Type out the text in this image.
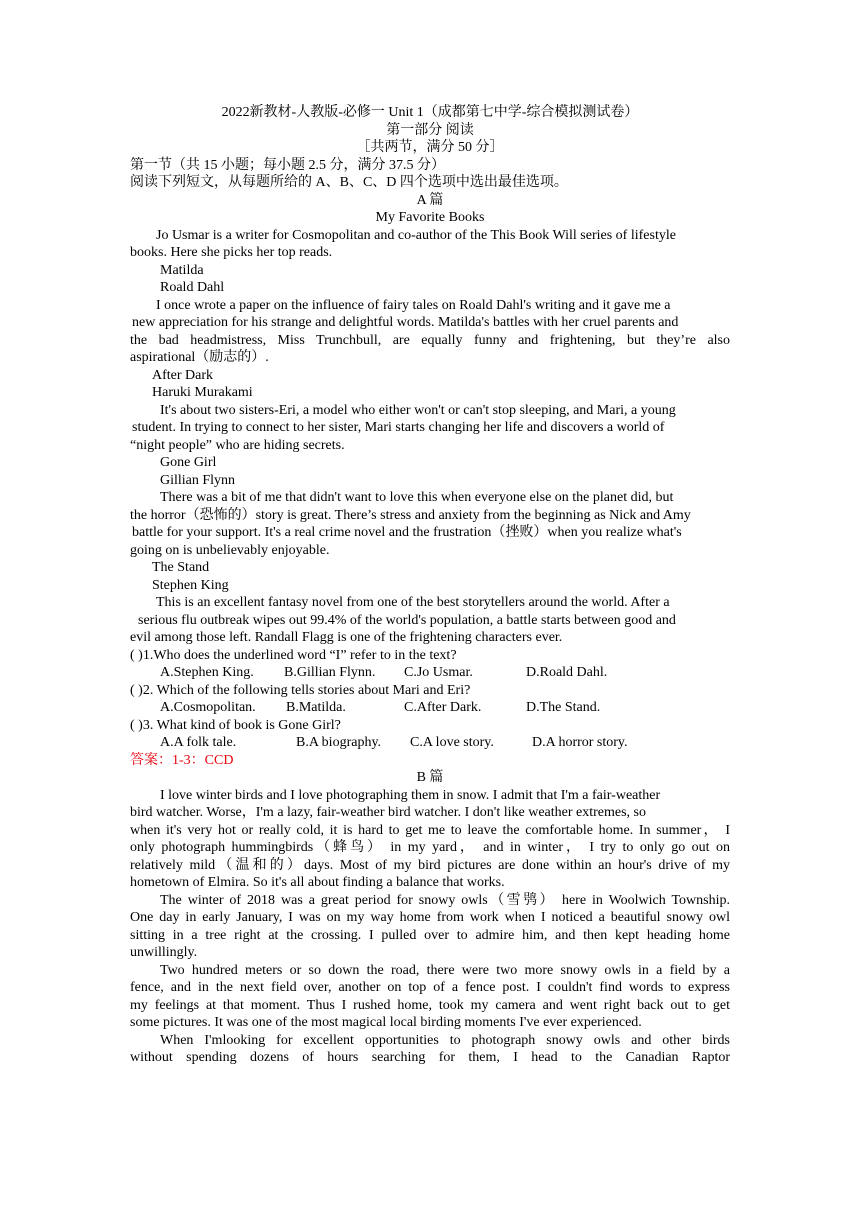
2022新教材-人教版-必修一 Unit 1（成都第七中学-综合模拟测试卷）
第一部分 阅读
［共两节，满分 50 分］
第一节（共 15 小题；每小题 2.5 分，满分 37.5 分）
阅读下列短文，从每题所给的 A、B、C、D 四个选项中选出最佳选项。
A 篇
My Favorite Books
Jo Usmar is a writer for Cosmopolitan and co-author of the This Book Will series of lifestyle
books. Here she picks her top reads.
Matilda
Roald Dahl
I once wrote a paper on the influence of fairy tales on Roald Dahl's writing and it gave me a
new appreciation for his strange and delightful words. Matilda's battles with her cruel parents and
the bad headmistress, Miss Trunchbull, are equally funny and frightening, but they’re also
aspirational（励志的）.
After Dark
Haruki Murakami
It's about two sisters-Eri, a model who either won't or can't stop sleeping, and Mari, a young
student. In trying to connect to her sister, Mari starts changing her life and discovers a world of
“night people” who are hiding secrets.
Gone Girl
Gillian Flynn
There was a bit of me that didn't want to love this when everyone else on the planet did, but
the horror（恐怖的）story is great. There’s stress and anxiety from the beginning as Nick and Amy
battle for your support. It's a real crime novel and the frustration（挫败）when you realize what's
going on is unbelievably enjoyable.
The Stand
Stephen King
This is an excellent fantasy novel from one of the best storytellers around the world. After a
serious flu outbreak wipes out 99.4% of the world's population, a battle starts between good and
evil among those left. Randall Flagg is one of the frightening characters ever.
( )1.Who does the underlined word “I” refer to in the text?
A.Stephen King. B.Gillian Flynn. C.Jo Usmar.	D.Roald Dahl.
( )2. Which of the following tells stories about Mari and Eri?
A.Cosmopolitan. B.Matilda.	C.After Dark.	D.The Stand.
( )3. What kind of book is Gone Girl?
A.A folk tale.	B.A biography. C.A love story.	D.A horror story.
答案：1-3：CCD
B 篇
I love winter birds and I love photographing them in snow. I admit that I'm a fair-weather
bird watcher. Worse，I'm a lazy, fair-weather bird watcher. I don't like weather extremes, so
when it's very hot or really cold, it is hard to get me to leave the comfortable home. In summer， I
only photograph hummingbirds（蜂鸟） in my yard， and in winter， I try to only go out on
relatively mild（温和的）days. Most of my bird pictures are done within an hour's drive of my
hometown of Elmira. So it's all about finding a balance that works.
The winter of 2018 was a great period for snowy owls（雪鸮） here in Woolwich Township.
One day in early January, I was on my way home from work when I noticed a beautiful snowy owl
sitting in a tree right at the crossing. I pulled over to admire him, and then kept heading home
unwillingly.
Two hundred meters or so down the road, there were two more snowy owls in a field by a
fence, and in the next field over, another on top of a fence post. I couldn't find words to express
my feelings at that moment. Thus I rushed home, took my camera and went right back out to get
some pictures. It was one of the most magical local birding moments I've ever experienced.
When I'mlooking for excellent opportunities to photograph snowy owls and other birds
without spending dozens of hours searching for them, I head to the Canadian Raptor
